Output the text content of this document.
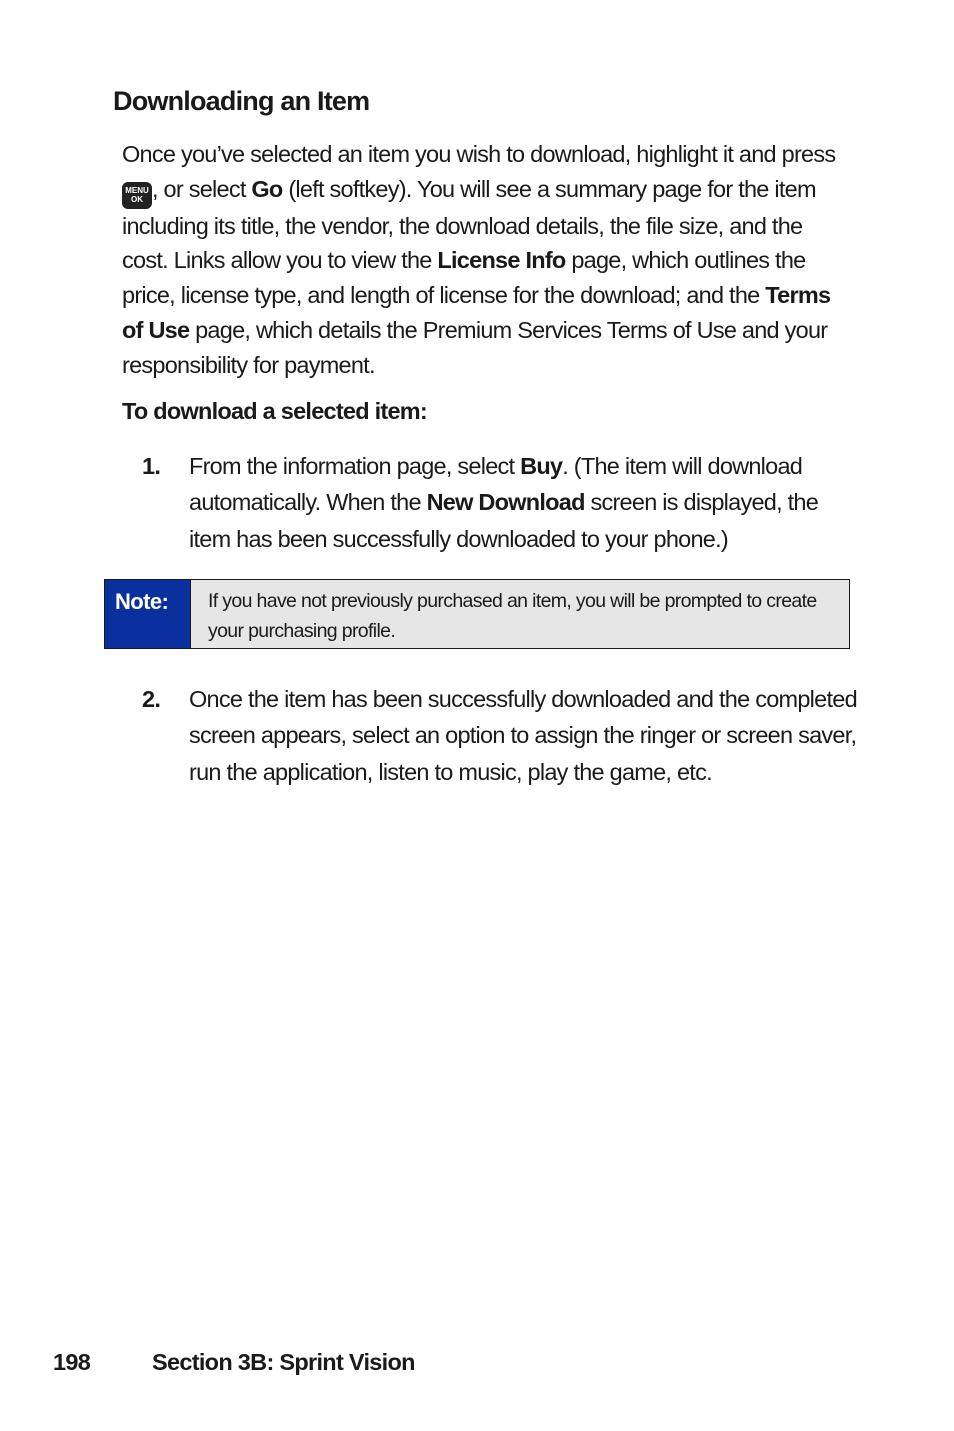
Downloading an Item

Once you’ve selected an item you wish to download, highlight it and press MENU
OK , or select Go (left softkey). You will see a summary page for the item including its title, the vendor, the download details, the file size, and the cost. Links allow you to view the License Info page, which outlines the price, license type, and length of license for the download; and the Terms of Use page, which details the Premium Services Terms of Use and your responsibility for payment.

To download a selected item:
1. From the information page, select Buy. (The item will download automatically. When the New Download screen is displayed, the item has been successfully downloaded to your phone.)
Note:	If you have not previously purchased an item, you will be prompted to create your purchasing profile.
2. Once the item has been successfully downloaded and the completed screen appears, select an option to assign the ringer or screen saver, run the application, listen to music, play the game, etc.
198	Section 3B: Sprint Vision
